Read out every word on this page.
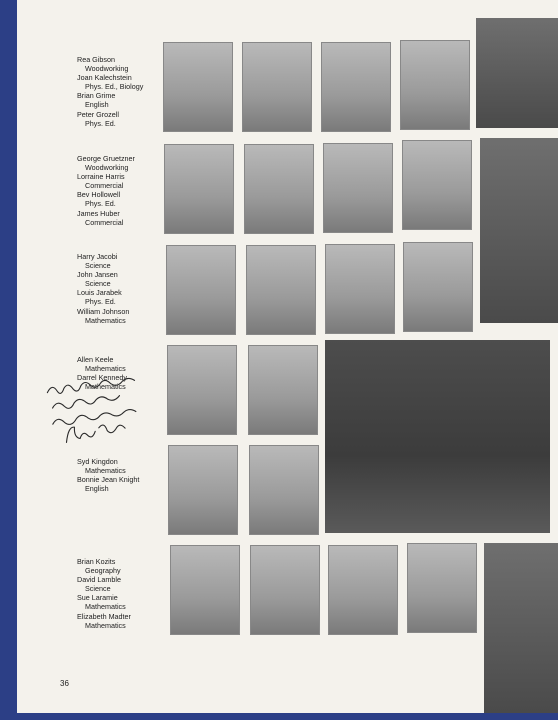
Rea Gibson
Woodworking
Joan Kalechstein
Phys. Ed., Biology
Brian Grime
English
Peter Grozell
Phys. Ed.
George Gruetzner
Woodworking
Lorraine Harris
Commercial
Bev Hollowell
Phys. Ed.
James Huber
Commercial
Harry Jacobi
Science
John Jansen
Science
Louis Jarabek
Phys. Ed.
William Johnson
Mathematics
Allen Keele
Mathematics
Darrel Kennedy
Mathematics
Syd Kingdon
Mathematics
Bonnie Jean Knight
English
Brian Kozits
Geography
David Lamble
Science
Sue Laramie
Mathematics
Elizabeth Madter
Mathematics
36
